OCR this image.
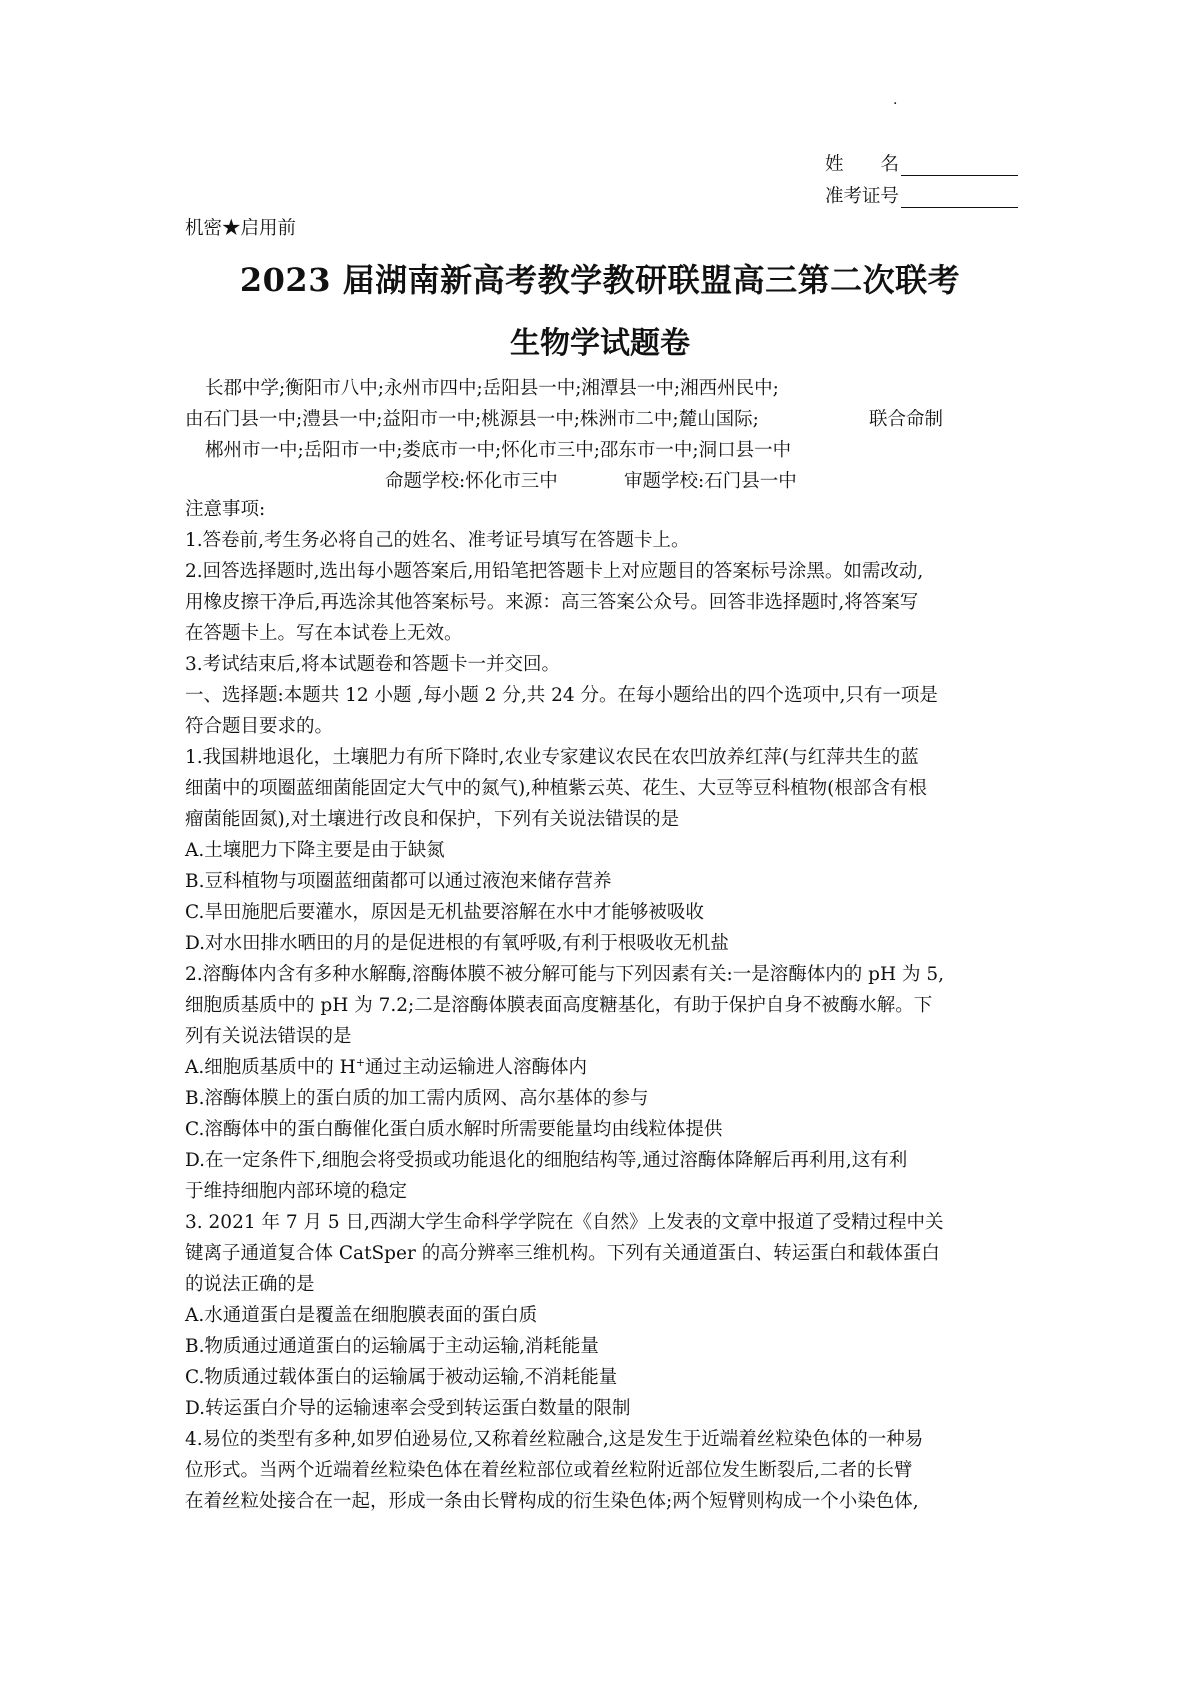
·
姓　　名
准考证号
机密★启用前
2023 届湖南新高考教学教研联盟高三第二次联考
生物学试题卷
长郡中学;衡阳市八中;永州市四中;岳阳县一中;湘潭县一中;湘西州民中;
由石门县一中;澧县一中;益阳市一中;桃源县一中;株洲市二中;麓山国际;	联合命制
郴州市一中;岳阳市一中;娄底市一中;怀化市三中;邵东市一中;洞口县一中
命题学校:怀化市三中	审题学校:石门县一中
注意事项:
1.答卷前,考生务必将自己的姓名、准考证号填写在答题卡上。
2.回答选择题时,选出每小题答案后,用铅笔把答题卡上对应题目的答案标号涂黑。如需改动,
用橡皮擦干净后,再选涂其他答案标号。来源：高三答案公众号。回答非选择题时,将答案写
在答题卡上。写在本试卷上无效。
3.考试结束后,将本试题卷和答题卡一并交回。
一、选择题:本题共 12 小题 ,每小题 2 分,共 24 分。在每小题给出的四个选项中,只有一项是
符合题目要求的。
1.我国耕地退化，土壤肥力有所下降时,农业专家建议农民在农凹放养红萍(与红萍共生的蓝
细菌中的项圈蓝细菌能固定大气中的氮气),种植紫云英、花生、大豆等豆科植物(根部含有根
瘤菌能固氮),对土壤进行改良和保护，下列有关说法错误的是
A.土壤肥力下降主要是由于缺氮
B.豆科植物与项圈蓝细菌都可以通过液泡来储存营养
C.旱田施肥后要灌水，原因是无机盐要溶解在水中才能够被吸收
D.对水田排水晒田的月的是促进根的有氧呼吸,有利于根吸收无机盐
2.溶酶体内含有多种水解酶,溶酶体膜不被分解可能与下列因素有关:一是溶酶体内的 pH 为 5,
细胞质基质中的 pH 为 7.2;二是溶酶体膜表面高度糖基化，有助于保护自身不被酶水解。下
列有关说法错误的是
A.细胞质基质中的 H+通过主动运输进人溶酶体内
B.溶酶体膜上的蛋白质的加工需内质网、高尔基体的参与
C.溶酶体中的蛋白酶催化蛋白质水解时所需要能量均由线粒体提供
D.在一定条件下,细胞会将受损或功能退化的细胞结构等,通过溶酶体降解后再利用,这有利
于维持细胞内部环境的稳定
3. 2021 年 7 月 5 日,西湖大学生命科学学院在《自然》上发表的文章中报道了受精过程中关
键离子通道复合体 CatSper 的高分辨率三维机构。下列有关通道蛋白、转运蛋白和载体蛋白
的说法正确的是
A.水通道蛋白是覆盖在细胞膜表面的蛋白质
B.物质通过通道蛋白的运输属于主动运输,消耗能量
C.物质通过载体蛋白的运输属于被动运输,不消耗能量
D.转运蛋白介导的运输速率会受到转运蛋白数量的限制
4.易位的类型有多种,如罗伯逊易位,又称着丝粒融合,这是发生于近端着丝粒染色体的一种易
位形式。当两个近端着丝粒染色体在着丝粒部位或着丝粒附近部位发生断裂后,二者的长臂
在着丝粒处接合在一起，形成一条由长臂构成的衍生染色体;两个短臂则构成一个小染色体,
